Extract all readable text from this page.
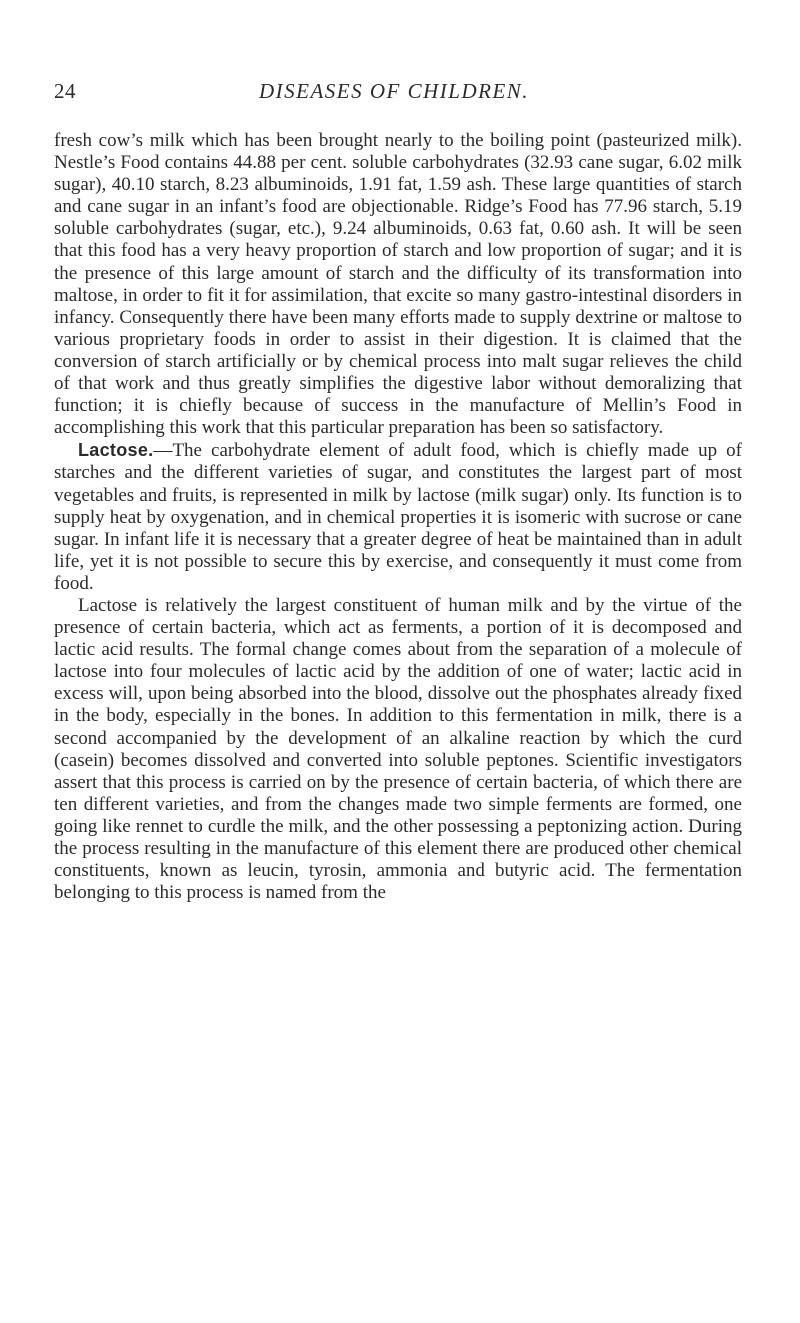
24	DISEASES OF CHILDREN.

fresh cow’s milk which has been brought nearly to the boiling point (pasteurized milk). Nestle’s Food contains 44.88 per cent. soluble carbohydrates (32.93 cane sugar, 6.02 milk sugar), 40.10 starch, 8.23 albuminoids, 1.91 fat, 1.59 ash. These large quantities of starch and cane sugar in an infant’s food are objectionable. Ridge’s Food has 77.96 starch, 5.19 soluble carbohydrates (sugar, etc.), 9.24 albuminoids, 0.63 fat, 0.60 ash. It will be seen that this food has a very heavy proportion of starch and low proportion of sugar; and it is the presence of this large amount of starch and the difficulty of its transformation into maltose, in order to fit it for assimilation, that excite so many gastro-intestinal disorders in infancy. Consequently there have been many efforts made to supply dextrine or maltose to various proprietary foods in order to assist in their digestion. It is claimed that the conversion of starch artificially or by chemical process into malt sugar relieves the child of that work and thus greatly simplifies the digestive labor without demoralizing that function; it is chiefly because of success in the manufacture of Mellin’s Food in accomplishing this work that this particular preparation has been so satisfactory.

Lactose.—The carbohydrate element of adult food, which is chiefly made up of starches and the different varieties of sugar, and constitutes the largest part of most vegetables and fruits, is represented in milk by lactose (milk sugar) only. Its function is to supply heat by oxygenation, and in chemical properties it is isomeric with sucrose or cane sugar. In infant life it is necessary that a greater degree of heat be maintained than in adult life, yet it is not possible to secure this by exercise, and consequently it must come from food.

Lactose is relatively the largest constituent of human milk and by the virtue of the presence of certain bacteria, which act as ferments, a portion of it is decomposed and lactic acid results. The formal change comes about from the separation of a molecule of lactose into four molecules of lactic acid by the addition of one of water; lactic acid in excess will, upon being absorbed into the blood, dissolve out the phosphates already fixed in the body, especially in the bones. In addition to this fermentation in milk, there is a second accompanied by the development of an alkaline reaction by which the curd (casein) becomes dissolved and converted into soluble peptones. Scientific investigators assert that this process is carried on by the presence of certain bacteria, of which there are ten different varieties, and from the changes made two simple ferments are formed, one going like rennet to curdle the milk, and the other possessing a peptonizing action. During the process resulting in the manufacture of this element there are produced other chemical constituents, known as leucin, tyrosin, ammonia and butyric acid. The fermentation belonging to this process is named from the
